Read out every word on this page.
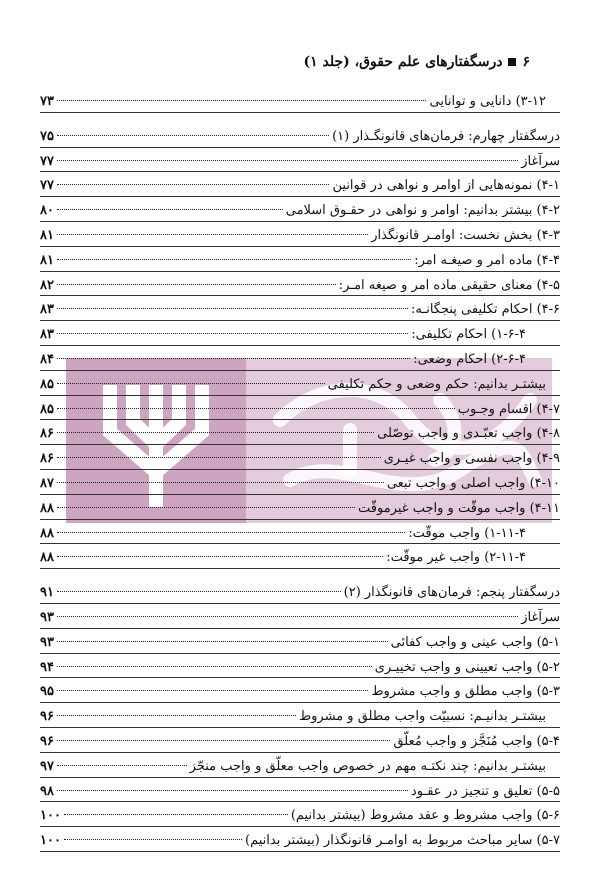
۶
درسگفتارهای علم حقوق، (جلد ۱)
۳-۱۲) دانایی و توانایی
۷۳
درسگفتار چهارم: فرمان‌های قانونگـذار (۱)
۷۵
سرآغاز
۷۷
۴-۱) نمونه‌هایی از اوامر و نواهی در قوانین
۷۷
۴-۲) بیشتر بدانیم: اوامر و نواهی در حقـوق اسلامی
۸۰
۴-۳) بخش نخست: اوامـر قانونگذار
۸۱
۴-۴) ماده امر و صیغـه امر:
۸۱
۴-۵) معنای حقیقی ماده امر و صیغه امـر:
۸۲
۴-۶) احکام تکلیفی پنجگانـه:
۸۳
۱-۶-۴) احکام تکلیفی:
۸۳
۲-۶-۴) احکام وضعی:
۸۴
بیشتـر بدانیم: حکم وضعی و حکم تکلیفی
۸۵
۴-۷) اقسام وجـوب
۸۵
۴-۸) واجب تعبّـدی و واجب توصّلی
۸۶
۴-۹) واجب نفسی و واجب غیـری
۸۶
۴-۱۰) واجب اصلی و واجب تبعی
۸۷
۴-۱۱) واجب موقّت و واجب غیرموقّت
۸۸
۱-۱۱-۴) واجب موقّت:
۸۸
۲-۱۱-۴) واجب غیر موقّت:
۸۸
درسگفتار پنجم: فرمان‌های قانونگذار (۲)
۹۱
سرآغاز
۹۳
۵-۱) واجب عینی و واجب کفائی
۹۳
۵-۲) واجب تعیینی و واجب تخییـری
۹۴
۵-۳) واجب مطلق و واجب مشروط
۹۵
بیشتـر بدانیـم: نسبیّت واجب مطلق و مشروط
۹۶
۵-۴) واجب مُنَجَّز و واجب مُعلّق
۹۶
بیشتـر بدانیم: چند نکتـه مهم در خصوص واجب معلّق و واجب منجّز
۹۷
۵-۵) تعلیق و تنجیز در عقـود
۹۸
۵-۶) واجب مشروط و عقد مشروط (بیشتر بدانیم)
۱۰۰
۵-۷) سایر مباحث مربوط به اوامـر قانونگذار (بیشتر بدانیم)
۱۰۰
